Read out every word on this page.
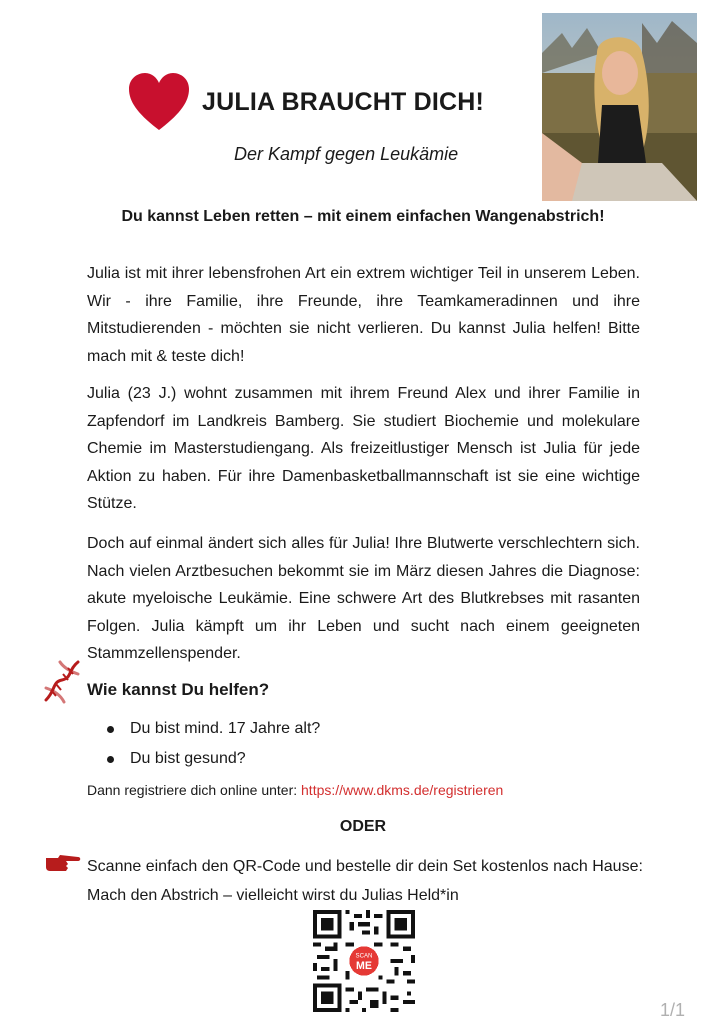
JULIA BRAUCHT DICH!
Der Kampf gegen Leukämie
Du kannst Leben retten – mit einem einfachen Wangenabstrich!
Julia ist mit ihrer lebensfrohen Art ein extrem wichtiger Teil in unserem Leben. Wir - ihre Familie, ihre Freunde, ihre Teamkameradinnen und ihre Mitstudierenden - möchten sie nicht verlieren. Du kannst Julia helfen! Bitte mach mit & teste dich!
Julia (23 J.) wohnt zusammen mit ihrem Freund Alex und ihrer Familie in Zapfendorf im Landkreis Bamberg. Sie studiert Biochemie und molekulare Chemie im Masterstudiengang. Als freizeitlustiger Mensch ist Julia für jede Aktion zu haben. Für ihre Damenbasketballmannschaft ist sie eine wichtige Stütze.
Doch auf einmal ändert sich alles für Julia! Ihre Blutwerte verschlechtern sich. Nach vielen Arztbesuchen bekommt sie im März diesen Jahres die Diagnose: akute myeloische Leukämie. Eine schwere Art des Blutkrebses mit rasanten Folgen. Julia kämpft um ihr Leben und sucht nach einem geeigneten Stammzellenspender.
Wie kannst Du helfen?
Du bist mind. 17 Jahre alt?
Du bist gesund?
Dann registriere dich online unter: https://www.dkms.de/registrieren
ODER
Scanne einfach den QR-Code und bestelle dir dein Set kostenlos nach Hause: Mach den Abstrich – vielleicht wirst du Julias Held*in
SCAN
ME
1/1
